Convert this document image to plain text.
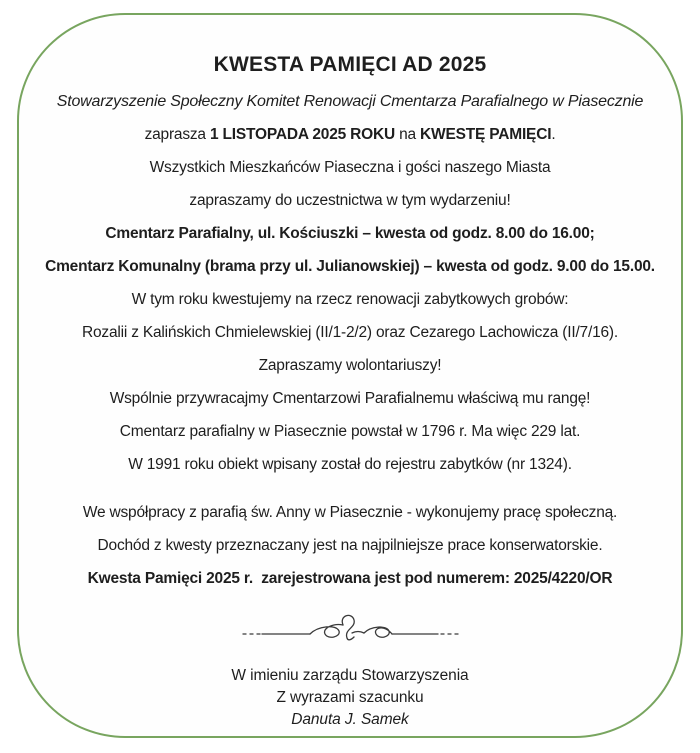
KWESTA PAMIĘCI AD 2025

Stowarzyszenie Społeczny Komitet Renowacji Cmentarza Parafialnego w Piasecznie

zaprasza 1 LISTOPADA 2025 ROKU na KWESTĘ PAMIĘCI.

Wszystkich Mieszkańców Piaseczna i gości naszego Miasta

zapraszamy do uczestnictwa w tym wydarzeniu!

Cmentarz Parafialny, ul. Kościuszki – kwesta od godz. 8.00 do 16.00;

Cmentarz Komunalny (brama przy ul. Julianowskiej) – kwesta od godz. 9.00 do 15.00.

W tym roku kwestujemy na rzecz renowacji zabytkowych grobów:

Rozalii z Kalińskich Chmielewskiej (II/1-2/2) oraz Cezarego Lachowicza (II/7/16).

Zapraszamy wolontariuszy!

Wspólnie przywracajmy Cmentarzowi Parafialnemu właściwą mu rangę!

Cmentarz parafialny w Piasecznie powstał w 1796 r. Ma więc 229 lat.

W 1991 roku obiekt wpisany został do rejestru zabytków (nr 1324).

We współpracy z parafią św. Anny w Piasecznie - wykonujemy pracę społeczną.

Dochód z kwesty przeznaczany jest na najpilniejsze prace konserwatorskie.

Kwesta Pamięci 2025 r.  zarejestrowana jest pod numerem: 2025/4220/OR

W imieniu zarządu Stowarzyszenia

Z wyrazami szacunku

Danuta J. Samek
